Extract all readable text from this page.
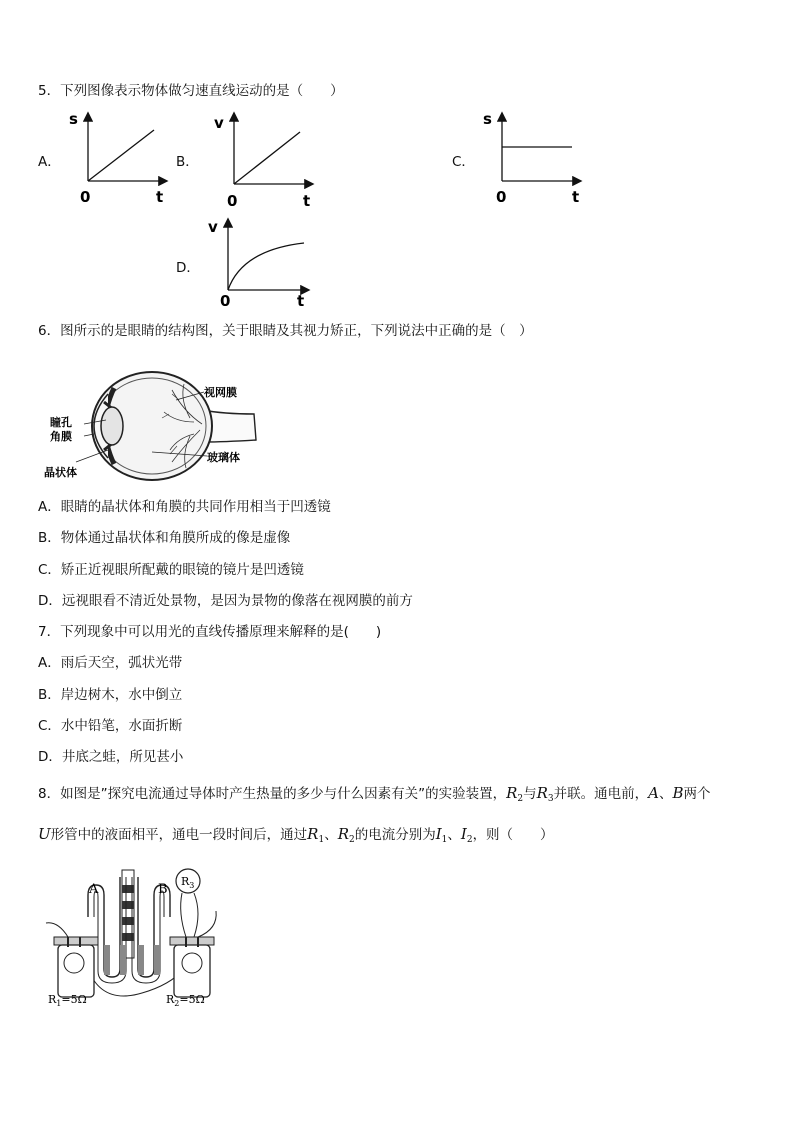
5．下列图像表示物体做匀速直线运动的是（　　）
A．
s
t
0
B．
v
t
0
C．
s
t
0
D．
v
t
0
6．图所示的是眼睛的结构图，关于眼睛及其视力矫正，下列说法中正确的是（　）
视网膜
瞳孔
角膜
玻璃体
晶状体
A．眼睛的晶状体和角膜的共同作用相当于凹透镜
B．物体通过晶状体和角膜所成的像是虚像
C．矫正近视眼所配戴的眼镜的镜片是凹透镜
D．远视眼看不清近处景物，是因为景物的像落在视网膜的前方
7．下列现象中可以用光的直线传播原理来解释的是(　　)
A．雨后天空，弧状光带
B．岸边树木，水中倒立
C．水中铅笔，水面折断
D．井底之蛙，所见甚小
8．如图是”探究电流通过导体时产生热量的多少与什么因素有关”的实验装置，$R_2$与$R_3$并联。通电前，A、B两个
U形管中的液面相平，通电一段时间后，通过$R_1$、$R_2$的电流分别为$I_1$、$I_2$，则（　　）
A	B
$R_3$
$R_1=5\Omega$	$R_2=5\Omega$
